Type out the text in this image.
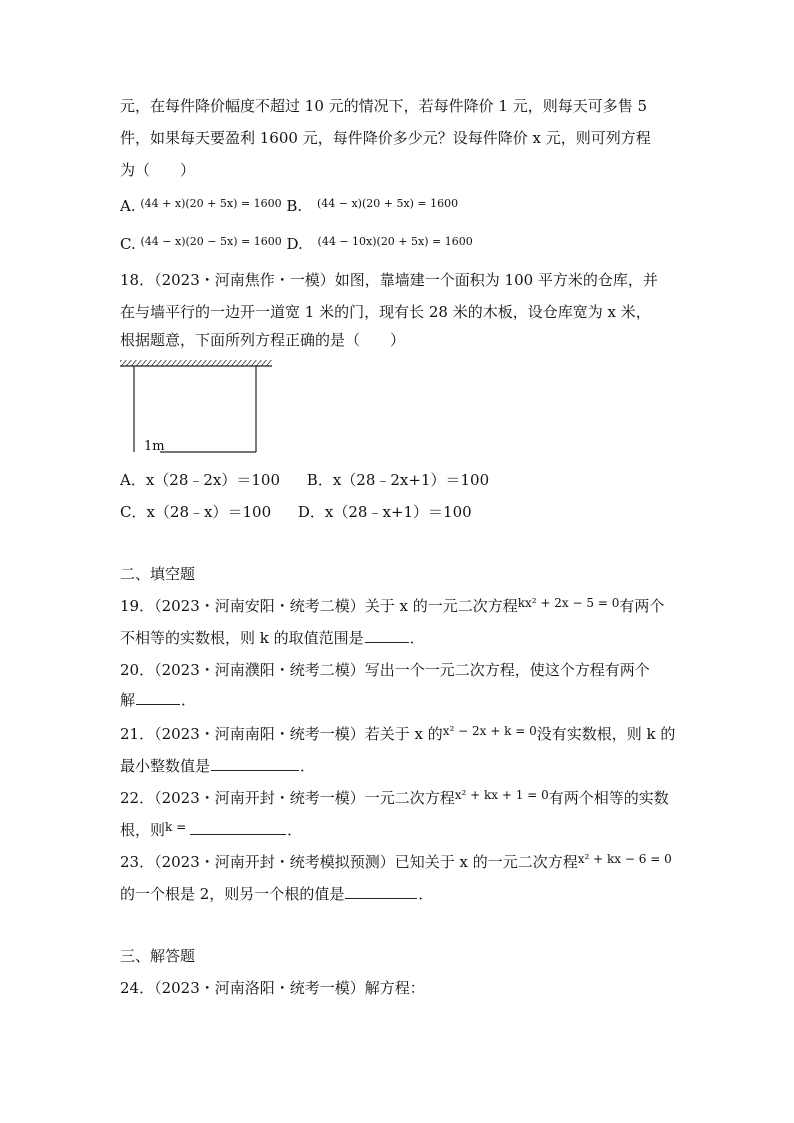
元，在每件降价幅度不超过 10 元的情况下，若每件降价 1 元，则每天可多售 5
件，如果每天要盈利 1600 元，每件降价多少元？设每件降价 x 元，则可列方程
为（　　）
A. $^{(44 + x)(20 + 5x) = 1600}$ B. $^{(44 - x)(20 + 5x) = 1600}$
C. $^{(44 - x)(20 - 5x) = 1600}$ D. $^{(44 - 10x)(20 + 5x) = 1600}$
18．（2023・河南焦作・一模）如图，靠墙建一个面积为 100 平方米的仓库，并
在与墙平行的一边开一道宽 1 米的门，现有长 28 米的木板，设仓库宽为 x 米，
根据题意，下面所列方程正确的是（　　）
1m
A．x（28﹣2x）＝100 B．x（28﹣2x+1）＝100
C．x（28﹣x）＝100 D．x（28﹣x+1）＝100
二、填空题
19．（2023・河南安阳・统考二模）关于 x 的一元二次方程$^{kx^2 + 2x - 5 = 0}$有两个
不相等的实数根，则 k 的取值范围是	．
20．（2023・河南濮阳・统考二模）写出一个一元二次方程，使这个方程有两个
解	．
21．（2023・河南南阳・统考一模）若关于 x 的$^{x^2 - 2x + k = 0}$没有实数根，则 k 的
最小整数值是	．
22．（2023・河南开封・统考一模）一元二次方程$^{x^2 + kx + 1 = 0}$有两个相等的实数
根，则$^{k =}$	．
23．（2023・河南开封・统考模拟预测）已知关于 x 的一元二次方程$^{x^2 + kx - 6 = 0}$
的一个根是 2，则另一个根的值是	．
三、解答题
24．（2023・河南洛阳・统考一模）解方程：
